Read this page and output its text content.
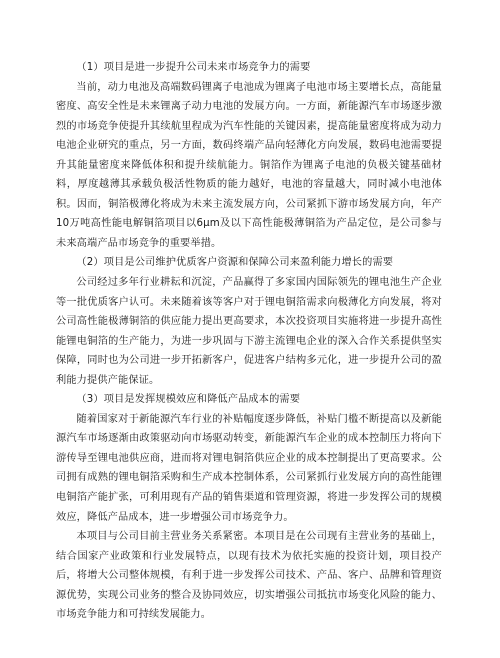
（1）项目是进一步提升公司未来市场竞争力的需要

当前，动力电池及高端数码锂离子电池成为锂离子电池市场主要增长点，高能量密度、高安全性是未来锂离子动力电池的发展方向。一方面，新能源汽车市场逐步激烈的市场竞争使提升其续航里程成为汽车性能的关键因素，提高能量密度将成为动力电池企业研究的重点，另一方面，数码终端产品向轻薄化方向发展，数码电池需要提升其能量密度来降低体积和提升续航能力。铜箔作为锂离子电池的负极关键基础材料，厚度越薄其承载负极活性物质的能力越好，电池的容量越大，同时减小电池体积。因而，铜箔极薄化将成为未来主流发展方向，公司紧抓下游市场发展方向，年产10万吨高性能电解铜箔项目以6μm及以下高性能极薄铜箔为产品定位，是公司参与未来高端产品市场竞争的重要举措。

（2）项目是公司维护优质客户资源和保障公司来盈利能力增长的需要

公司经过多年行业耕耘和沉淀，产品赢得了多家国内国际领先的锂电池生产企业等一批优质客户认可。未来随着该等客户对于锂电铜箔需求向极薄化方向发展，将对公司高性能极薄铜箔的供应能力提出更高要求，本次投资项目实施将进一步提升高性能锂电铜箔的生产能力，为进一步巩固与下游主流锂电企业的深入合作关系提供坚实保障，同时也为公司进一步开拓新客户，促进客户结构多元化，进一步提升公司的盈利能力提供产能保证。

（3）项目是发挥规模效应和降低产品成本的需要

随着国家对于新能源汽车行业的补贴幅度逐步降低，补贴门槛不断提高以及新能源汽车市场逐渐由政策驱动向市场驱动转变，新能源汽车企业的成本控制压力将向下游传导至锂电池供应商，进而将对锂电铜箔供应企业的成本控制提出了更高要求。公司拥有成熟的锂电铜箔采购和生产成本控制体系，公司紧抓行业发展方向的高性能锂电铜箔产能扩张，可利用现有产品的销售渠道和管理资源，将进一步发挥公司的规模效应，降低产品成本，进一步增强公司市场竞争力。

本项目与公司目前主营业务关系紧密。本项目是在公司现有主营业务的基础上，结合国家产业政策和行业发展特点，以现有技术为依托实施的投资计划，项目投产后，将增大公司整体规模，有利于进一步发挥公司技术、产品、客户、品牌和管理资源优势，实现公司业务的整合及协同效应，切实增强公司抵抗市场变化风险的能力、市场竞争能力和可持续发展能力。
